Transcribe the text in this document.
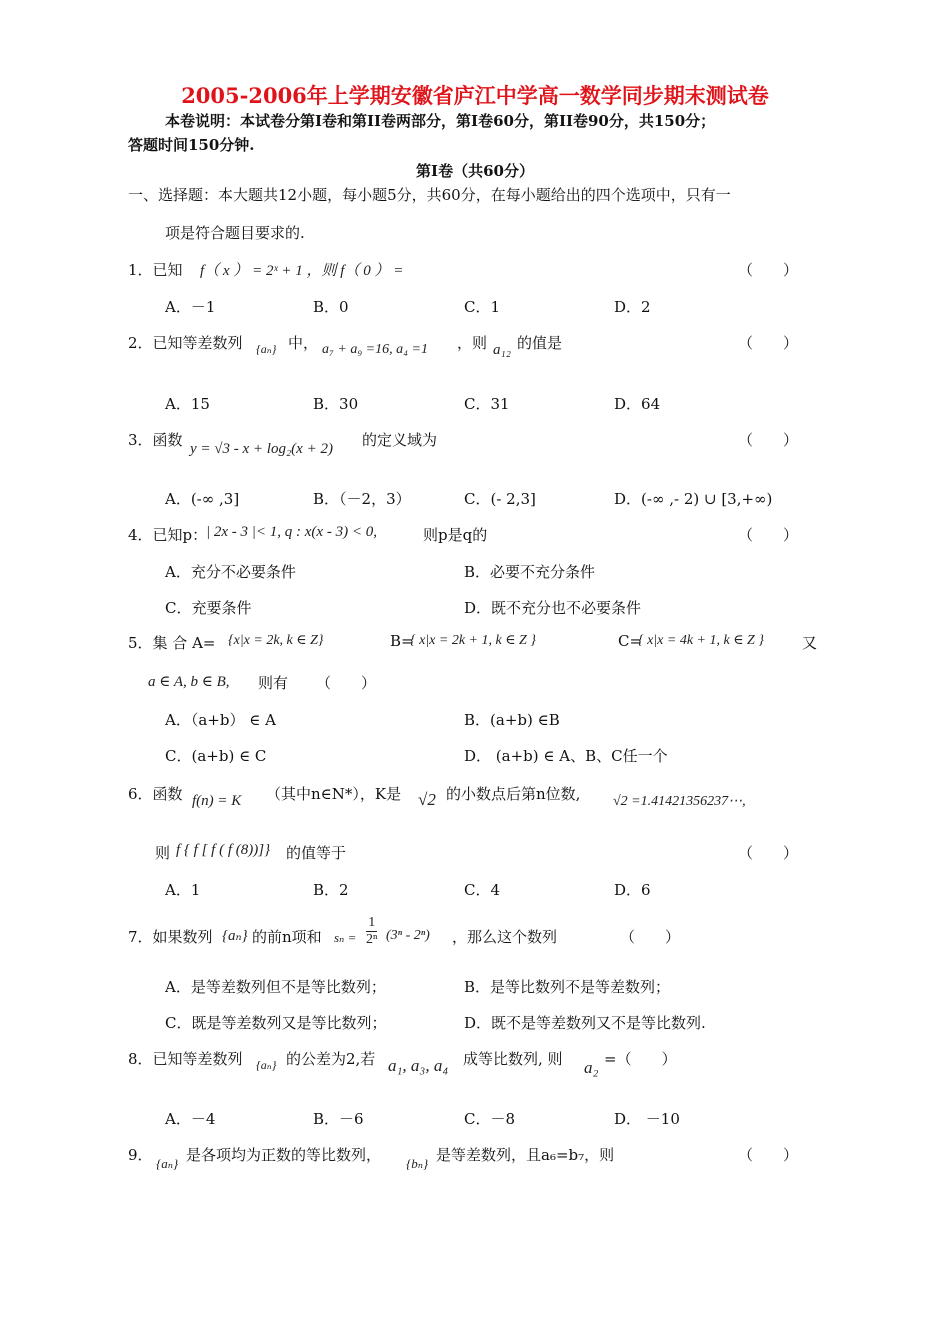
2005-2006年上学期安徽省庐江中学高一数学同步期末测试卷
本卷说明：本试卷分第Ⅰ卷和第II卷两部分，第Ⅰ卷60分，第II卷90分，共150分；
答题时间150分钟.
第Ⅰ卷（共60分）
一、选择题：本大题共12小题，每小题5分，共60分，在每小题给出的四个选项中，只有一
项是符合题目要求的.
1．已知 f（ x ） = 2ˣ + 1 ，则 f（ 0 ） =	（　　）
A．－1	B．0	C．1	D．2
2．已知等差数列 {aₙ} 中， a₇ + a₉ =16, a₄ =1 ，则 a₁₂ 的值是	（　　）
A．15	B．30	C．31	D．64
3．函数 y = √3 - x + log₂(x + 2) 的定义域为	（　　）
A．(-∞ ,3]	B．（－2，3）	C．(- 2,3]	D．(-∞ ,- 2) ∪ [3,+∞)
4．已知p：
| 2x - 3 |< 1, q : x(x - 3) < 0,	则p是q的	（　　）
A．充分不必要条件	B．必要不充分条件
C．充要条件	D．既不充分也不必要条件
5．集 合 A= {x|x = 2k, k ∈ Z}	B=
{ x|x = 2k + 1, k ∈ Z }	C=
{ x|x = 4k + 1, k ∈ Z }	又
a ∈ A, b ∈ B, 则有 （　　）
A．（a+b） ∈ A	B．(a+b) ∈B
C．(a+b) ∈ C	D． (a+b) ∈ A、B、C任一个
6．函数 f(n) = K （其中n∈N*），K是 √2 的小数点后第n位数, √2 =1.41421356237⋯,
则 f { f [ f ( f (8))]} 的值等于	（　　）
A．1	B．2	C．4	D．6
7．如果数列 {aₙ} 的前n项和 $s_n = \frac{1}{\text{2ⁿ}} (3^n - 2^n)$ ，那么这个数列	（　　）
A．是等差数列但不是等比数列；	B．是等比数列不是等差数列；
C．既是等差数列又是等比数列；	D．既不是等差数列又不是等比数列.
8．已知等差数列 {aₙ} 的公差为2,若 a₁, a₃, a₄ 成等比数列, 则 a₂ =（　　）
A．－4	B．－6	C．－8	D． －10
9． {aₙ} 是各项均为正数的等比数列， {bₙ} 是等差数列，且a₆=b₇，则	（　　）
